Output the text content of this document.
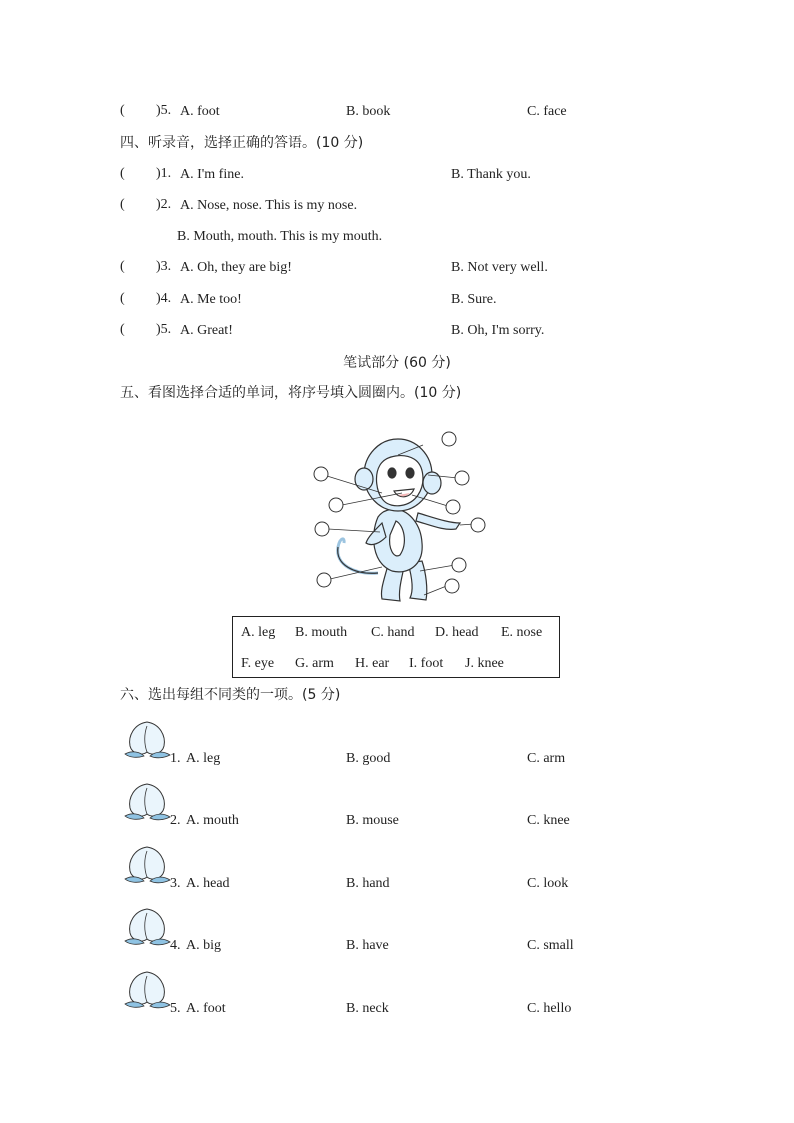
( )5. A. foot	B. book	C. face
四、听录音，选择正确的答语。(10 分)
( )1. A. I'm fine.	B. Thank you.
( )2. A. Nose, nose. This is my nose.
B. Mouth, mouth. This is my mouth.
( )3. A. Oh, they are big!	B. Not very well.
( )4. A. Me too!	B. Sure.
( )5. A. Great!	B. Oh, I'm sorry.
笔试部分 (60 分)
五、看图选择合适的单词，将序号填入圆圈内。(10 分)
A. leg B. mouth C. hand D. head E. nose
F. eye G. arm H. ear I. foot J. knee
六、选出每组不同类的一项。(5 分)
1. A. leg	B. good	C. arm
2. A. mouth	B. mouse	C. knee
3. A. head	B. hand	C. look
4. A. big	B. have	C. small
5. A. foot	B. neck	C. hello
